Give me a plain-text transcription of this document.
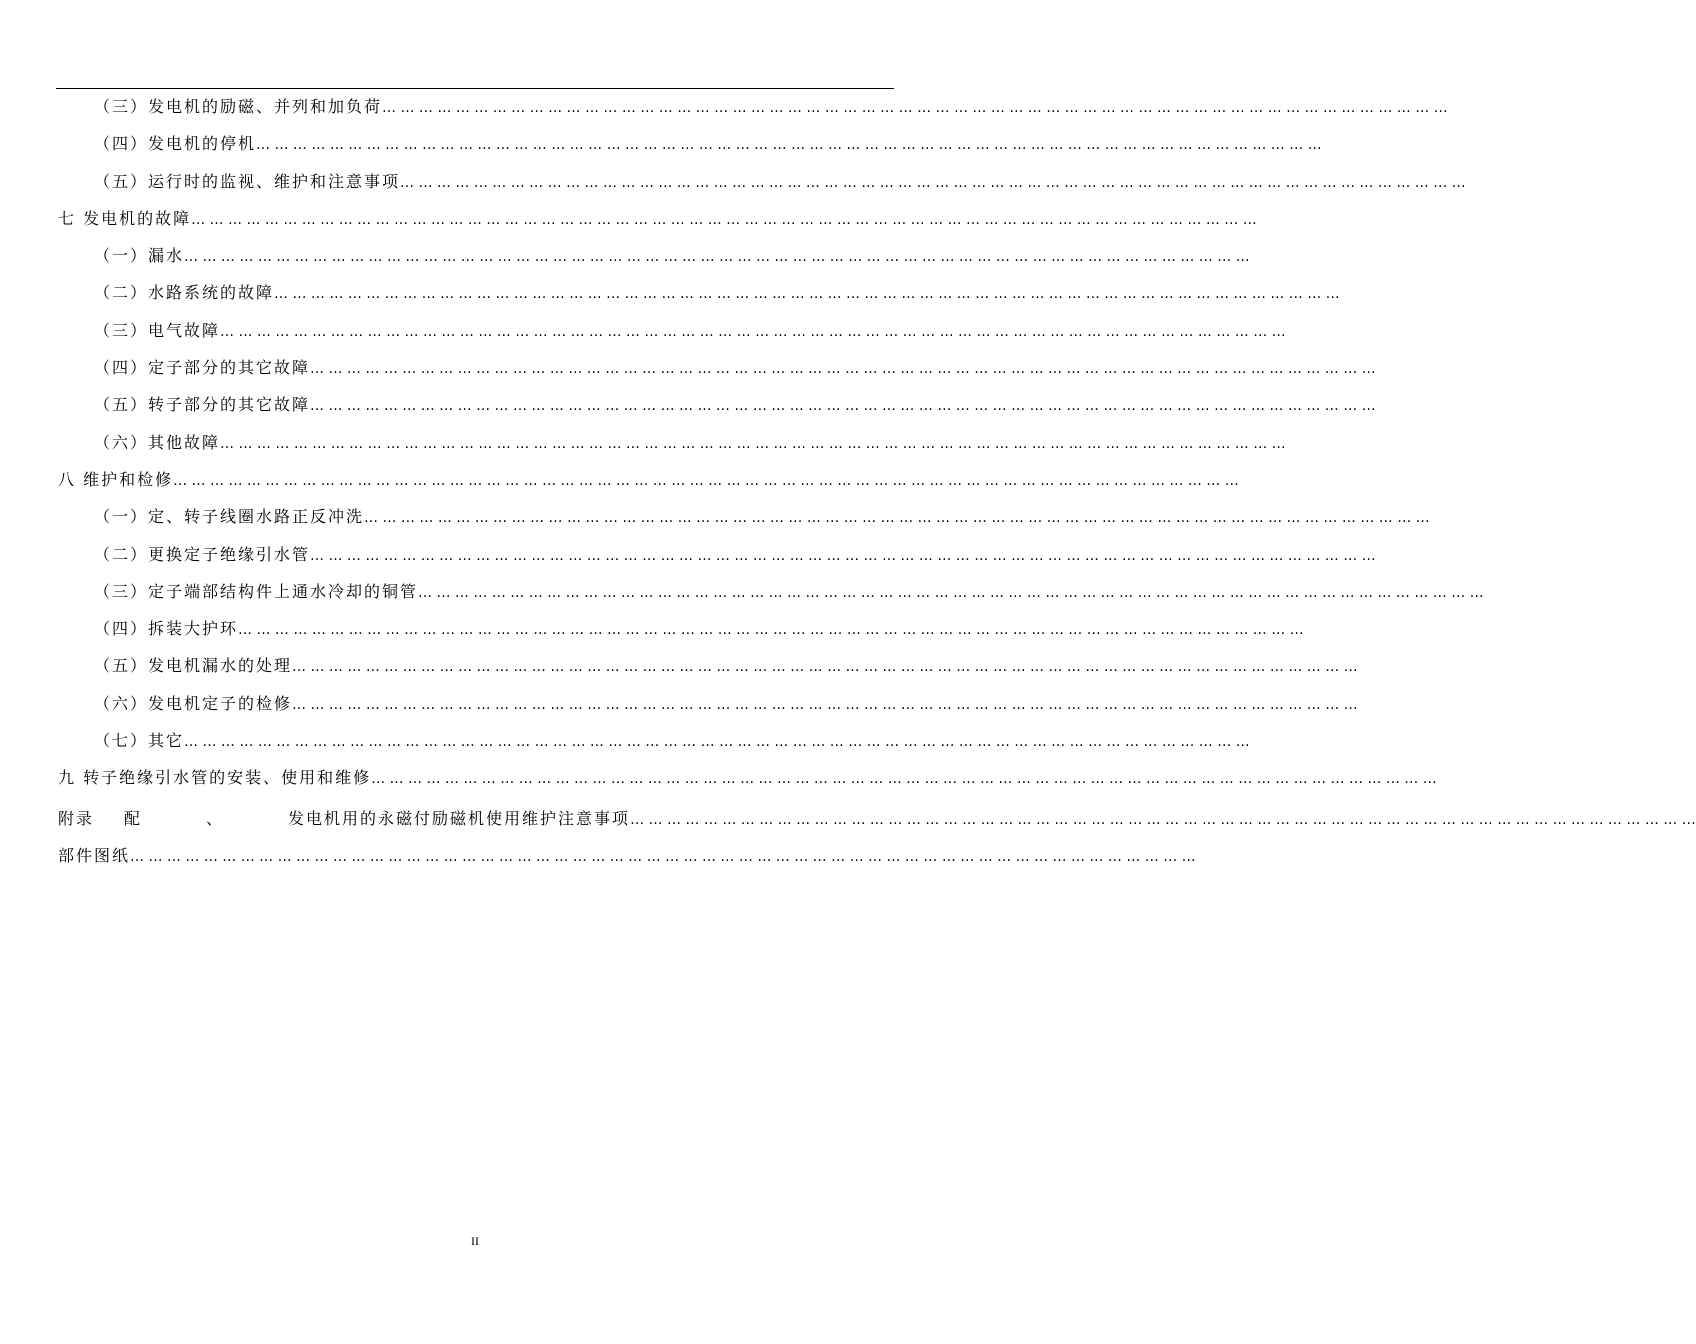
（三）发电机的励磁、并列和加负荷 … … … … … … … … … … … … … … … … … … … … … … … … … … … … … … … … … … … … … … … … … … … … … … … … … … … … … … … … … …
（四）发电机的停机 … … … … … … … … … … … … … … … … … … … … … … … … … … … … … … … … … … … … … … … … … … … … … … … … … … … … … … … … … …
（五）运行时的监视、维护和注意事项 … … … … … … … … … … … … … … … … … … … … … … … … … … … … … … … … … … … … … … … … … … … … … … … … … … … … … … … … … …
七 发电机的故障 … … … … … … … … … … … … … … … … … … … … … … … … … … … … … … … … … … … … … … … … … … … … … … … … … … … … … … … … … …
（一）漏水 … … … … … … … … … … … … … … … … … … … … … … … … … … … … … … … … … … … … … … … … … … … … … … … … … … … … … … … … … …
（二）水路系统的故障 … … … … … … … … … … … … … … … … … … … … … … … … … … … … … … … … … … … … … … … … … … … … … … … … … … … … … … … … … …
（三）电气故障 … … … … … … … … … … … … … … … … … … … … … … … … … … … … … … … … … … … … … … … … … … … … … … … … … … … … … … … … … …
（四）定子部分的其它故障 … … … … … … … … … … … … … … … … … … … … … … … … … … … … … … … … … … … … … … … … … … … … … … … … … … … … … … … … … …
（五）转子部分的其它故障 … … … … … … … … … … … … … … … … … … … … … … … … … … … … … … … … … … … … … … … … … … … … … … … … … … … … … … … … … …
（六）其他故障 … … … … … … … … … … … … … … … … … … … … … … … … … … … … … … … … … … … … … … … … … … … … … … … … … … … … … … … … … …
八 维护和检修 … … … … … … … … … … … … … … … … … … … … … … … … … … … … … … … … … … … … … … … … … … … … … … … … … … … … … … … … … …
（一）定、转子线圈水路正反冲洗 … … … … … … … … … … … … … … … … … … … … … … … … … … … … … … … … … … … … … … … … … … … … … … … … … … … … … … … … … …
（二）更换定子绝缘引水管 … … … … … … … … … … … … … … … … … … … … … … … … … … … … … … … … … … … … … … … … … … … … … … … … … … … … … … … … … …
（三）定子端部结构件上通水冷却的铜管 … … … … … … … … … … … … … … … … … … … … … … … … … … … … … … … … … … … … … … … … … … … … … … … … … … … … … … … … … …
（四）拆装大护环 … … … … … … … … … … … … … … … … … … … … … … … … … … … … … … … … … … … … … … … … … … … … … … … … … … … … … … … … … …
（五）发电机漏水的处理 … … … … … … … … … … … … … … … … … … … … … … … … … … … … … … … … … … … … … … … … … … … … … … … … … … … … … … … … … …
（六）发电机定子的检修 … … … … … … … … … … … … … … … … … … … … … … … … … … … … … … … … … … … … … … … … … … … … … … … … … … … … … … … … … …
（七）其它 … … … … … … … … … … … … … … … … … … … … … … … … … … … … … … … … … … … … … … … … … … … … … … … … … … … … … … … … … …
九 转子绝缘引水管的安装、使用和维修 … … … … … … … … … … … … … … … … … … … … … … … … … … … … … … … … … … … … … … … … … … … … … … … … … … … … … … … … … …
附录 配	、	发电机用的永磁付励磁机使用维护注意事项 … … … … … … … … … … … … … … … … … … … … … … … … … … … … … … … … … … … … … … … … … … … … … … … … … … … … … … … … … …
部件图纸 … … … … … … … … … … … … … … … … … … … … … … … … … … … … … … … … … … … … … … … … … … … … … … … … … … … … … … … … … …
II
